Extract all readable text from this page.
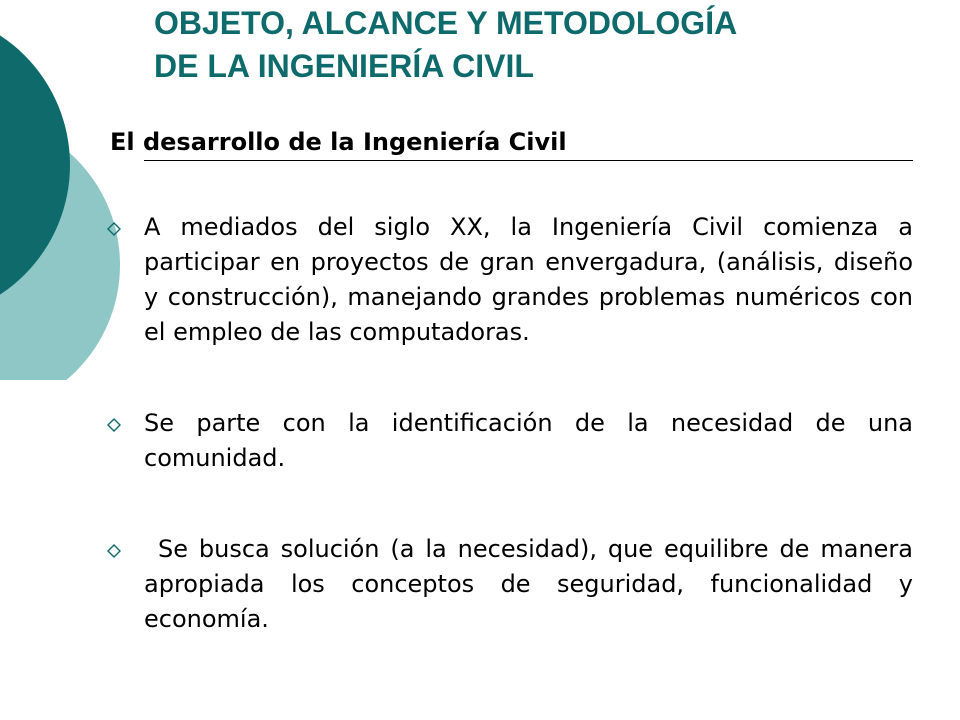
OBJETO, ALCANCE Y METODOLOGÍA
DE LA INGENIERÍA CIVIL
El desarrollo de la Ingeniería Civil
A mediados del siglo XX, la Ingeniería Civil comienza a participar en proyectos de gran envergadura, (análisis, diseño y construcción), manejando grandes problemas numéricos con el empleo de las computadoras.
Se parte con la identificación de la necesidad de una comunidad.
Se busca solución (a la necesidad), que equilibre de manera apropiada los conceptos de seguridad, funcionalidad y economía.
